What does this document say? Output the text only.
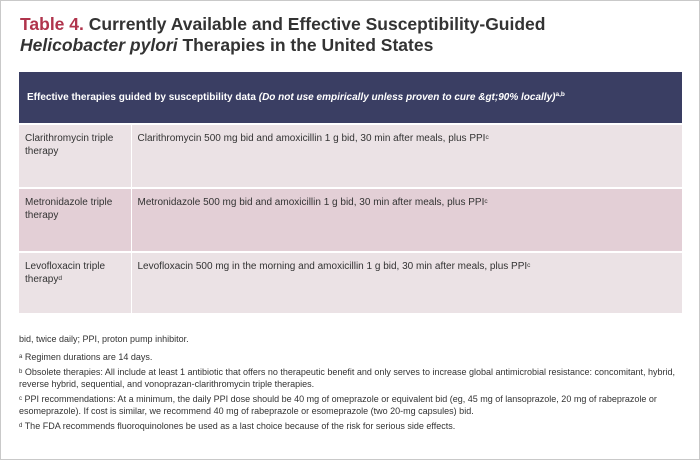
Table 4. Currently Available and Effective Susceptibility-Guided
Helicobacter pylori Therapies in the United States
Effective therapies guided by susceptibility data (Do not use empirically unless proven to cure &gt;90% locally)$^{a,b}$
Clarithromycin triple therapy	Clarithromycin 500 mg bid and amoxicillin 1 g bid, 30 min after meals, plus PPI$^c$
Metronidazole triple therapy	Metronidazole 500 mg bid and amoxicillin 1 g bid, 30 min after meals, plus PPI$^c$
Levofloxacin triple therapy$^d$	Levofloxacin 500 mg in the morning and amoxicillin 1 g bid, 30 min after meals, plus PPI$^c$

bid, twice daily; PPI, proton pump inhibitor.

$^a$ Regimen durations are 14 days.

$^b$ Obsolete therapies: All include at least 1 antibiotic that offers no therapeutic benefit and only serves to increase global antimicrobial resistance: concomitant, hybrid, reverse hybrid, sequential, and vonoprazan-clarithromycin triple therapies.

$^c$ PPI recommendations: At a minimum, the daily PPI dose should be 40 mg of omeprazole or equivalent bid (eg, 45 mg of lansoprazole, 20 mg of rabeprazole or esomeprazole). If cost is similar, we recommend 40 mg of rabeprazole or esomeprazole (two 20-mg capsules) bid.

$^d$ The FDA recommends fluoroquinolones be used as a last choice because of the risk for serious side effects.
